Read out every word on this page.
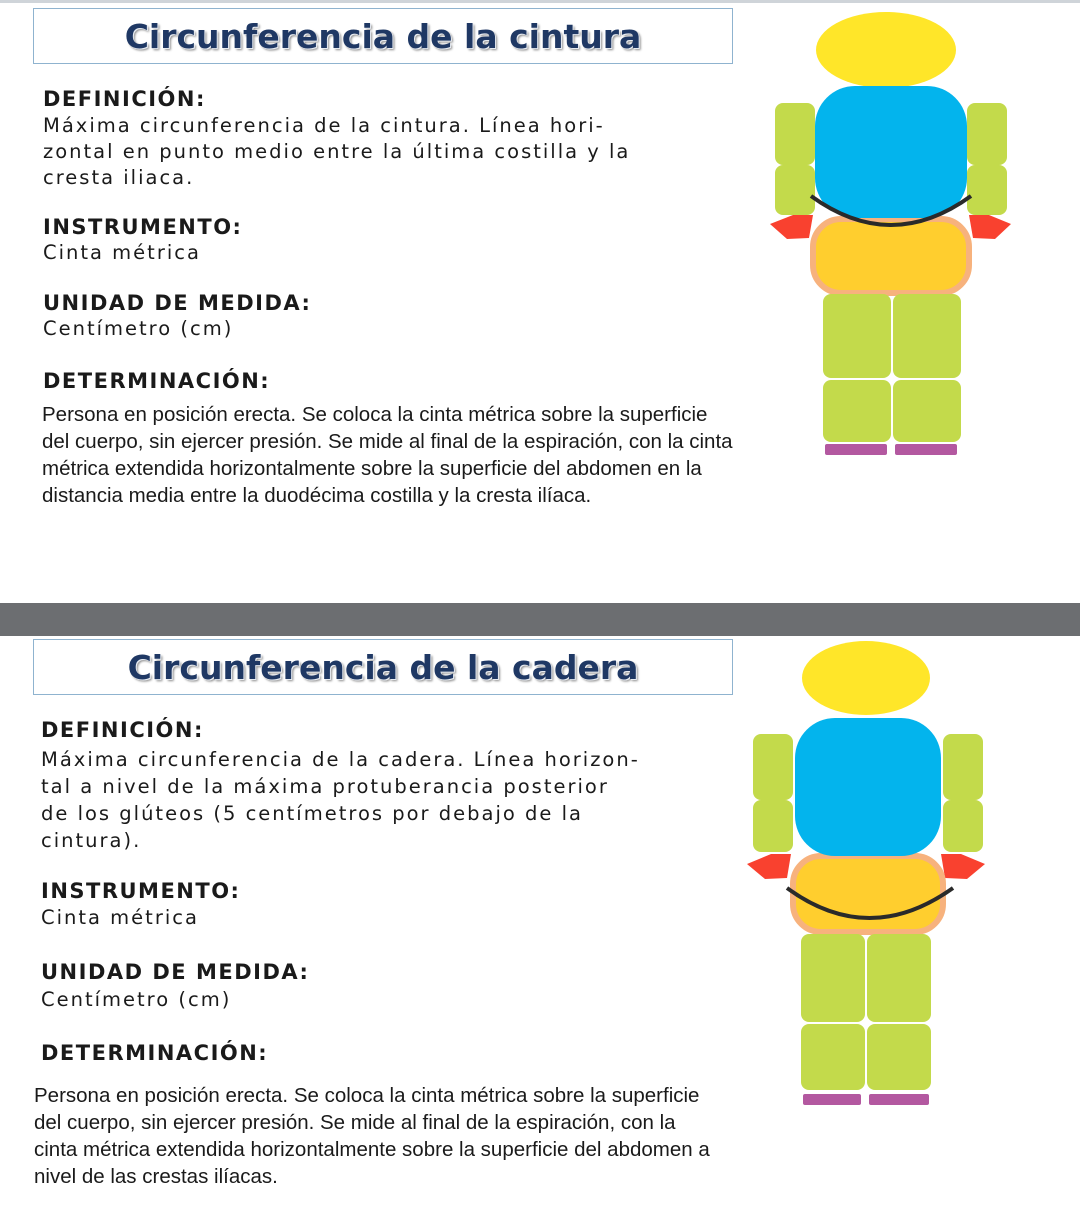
Circunferencia de la cintura
DEFINICIÓN:
Máxima circunferencia de la cintura. Línea hori-
zontal en punto medio entre la última costilla y la
cresta iliaca.
INSTRUMENTO:
Cinta métrica
UNIDAD DE MEDIDA:
Centímetro (cm)
DETERMINACIÓN:
Persona en posición erecta. Se coloca la cinta métrica sobre la superficie
del cuerpo, sin ejercer presión. Se mide al final de la espiración, con la cinta
métrica extendida horizontalmente sobre la superficie del abdomen en la
distancia media entre la duodécima costilla y la cresta ilíaca.
Circunferencia de la cadera
DEFINICIÓN:
Máxima circunferencia de la cadera. Línea horizon-
tal a nivel de la máxima protuberancia posterior
de los glúteos (5 centímetros por debajo de la
cintura).
INSTRUMENTO:
Cinta métrica
UNIDAD DE MEDIDA:
Centímetro (cm)
DETERMINACIÓN:
Persona en posición erecta. Se coloca la cinta métrica sobre la superficie
del cuerpo, sin ejercer presión. Se mide al final de la espiración, con la
cinta métrica extendida horizontalmente sobre la superficie del abdomen a
nivel de las crestas ilíacas.
